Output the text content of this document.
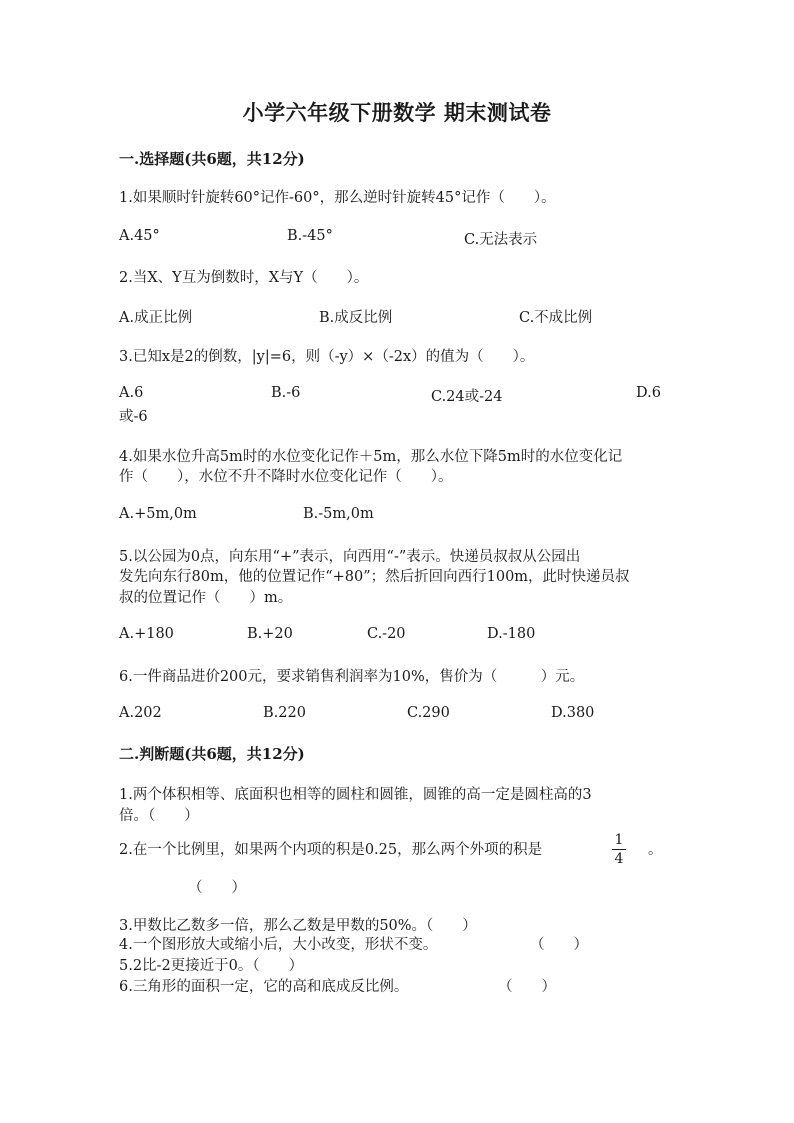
小学六年级下册数学 期末测试卷
一.选择题(共6题，共12分)
1.如果顺时针旋转60°记作-60°，那么逆时针旋转45°记作（　　）。
A.45°	B.-45°	C.无法表示
2.当X、Y互为倒数时，X与Y（　　）。
A.成正比例	B.成反比例	C.不成比例
3.已知x是2的倒数，|y|=6，则（-y）×（-2x）的值为（　　）。
A.6	B.-6	C.24或-24	D.6
或-6
4.如果水位升高5m时的水位变化记作＋5m，那么水位下降5m时的水位变化记
作（　　），水位不升不降时水位变化记作（　　）。
A.+5m,0m	B.-5m,0m
5.以公园为0点，向东用“+”表示，向西用“-”表示。快递员叔叔从公园出
发先向东行80m，他的位置记作“+80”；然后折回向西行100m，此时快递员叔
叔的位置记作（　　）m。
A.+180	B.+20	C.-20	D.-180
6.一件商品进价200元，要求销售利润率为10%，售价为（　　　）元。
A.202	B.220	C.290	D.380
二.判断题(共6题，共12分)
1.两个体积相等、底面积也相等的圆柱和圆锥，圆锥的高一定是圆柱高的3
倍。（　　）
2.在一个比例里，如果两个内项的积是0.25，那么两个外项的积是
1
4
。
（　　）
3.甲数比乙数多一倍，那么乙数是甲数的50%。（　　）
4.一个图形放大或缩小后，大小改变，形状不变。	（　　）
5.2比-2更接近于0。（　　）
6.三角形的面积一定，它的高和底成反比例。	（　　）
